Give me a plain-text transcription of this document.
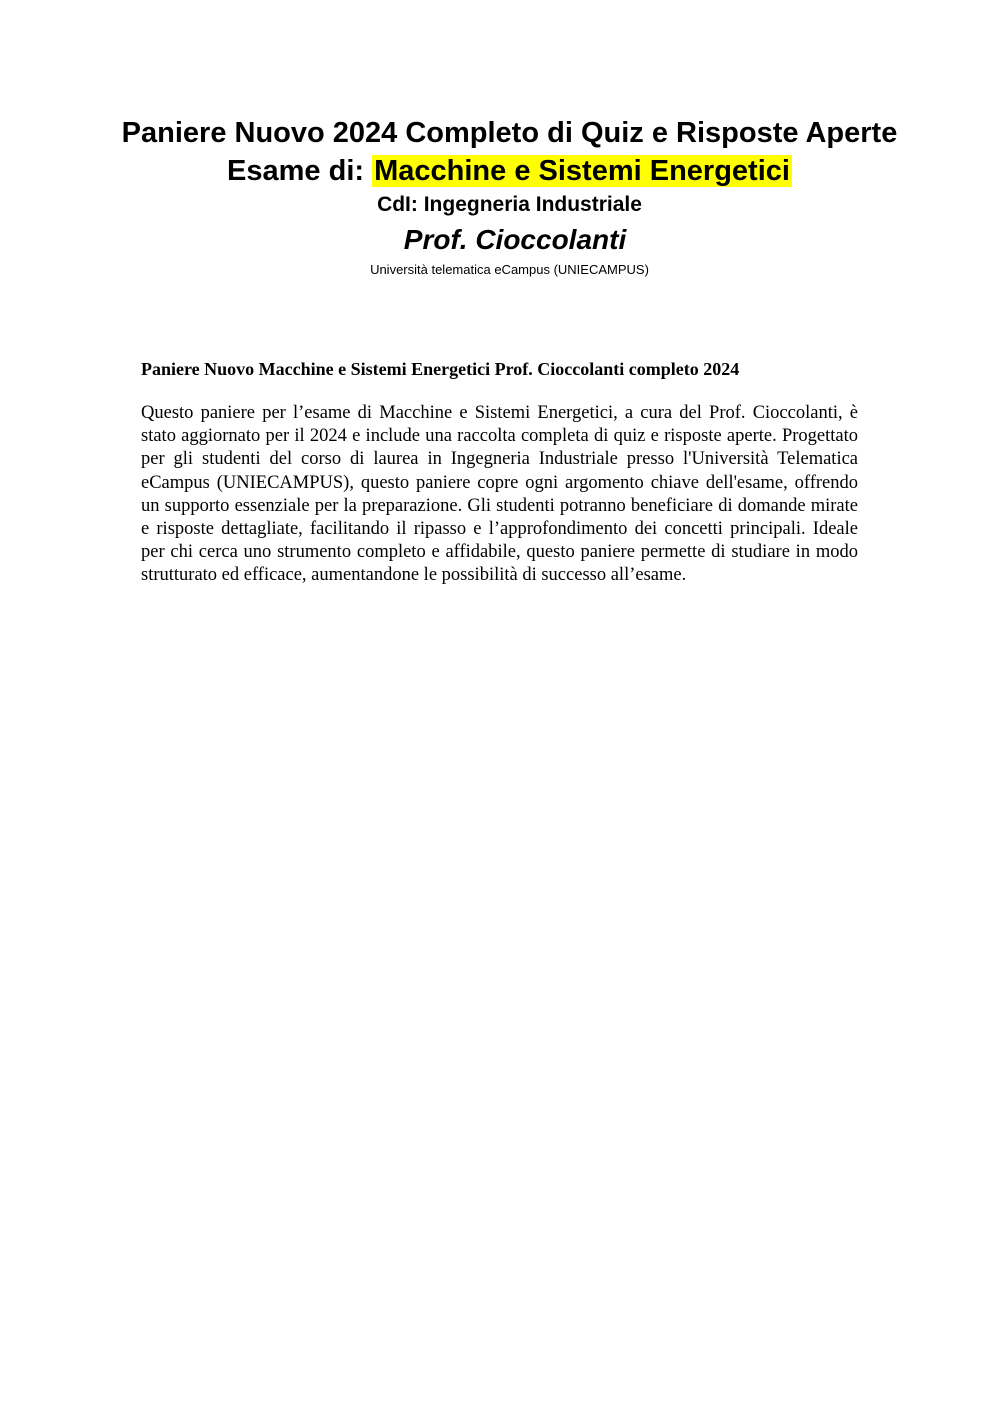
Paniere Nuovo 2024 Completo di Quiz e Risposte Aperte
Esame di: Macchine e Sistemi Energetici
CdI: Ingegneria Industriale
Prof. Cioccolanti
Università telematica eCampus (UNIECAMPUS)

Paniere Nuovo Macchine e Sistemi Energetici Prof. Cioccolanti completo 2024

Questo paniere per l’esame di Macchine e Sistemi Energetici, a cura del Prof. Cioccolanti, è stato aggiornato per il 2024 e include una raccolta completa di quiz e risposte aperte. Progettato per gli studenti del corso di laurea in Ingegneria Industriale presso l'Università Telematica eCampus (UNIECAMPUS), questo paniere copre ogni argomento chiave dell'esame, offrendo un supporto essenziale per la preparazione. Gli studenti potranno beneficiare di domande mirate e risposte dettagliate, facilitando il ripasso e l’approfondimento dei concetti principali. Ideale per chi cerca uno strumento completo e affidabile, questo paniere permette di studiare in modo strutturato ed efficace, aumentandone le possibilità di successo all’esame.
